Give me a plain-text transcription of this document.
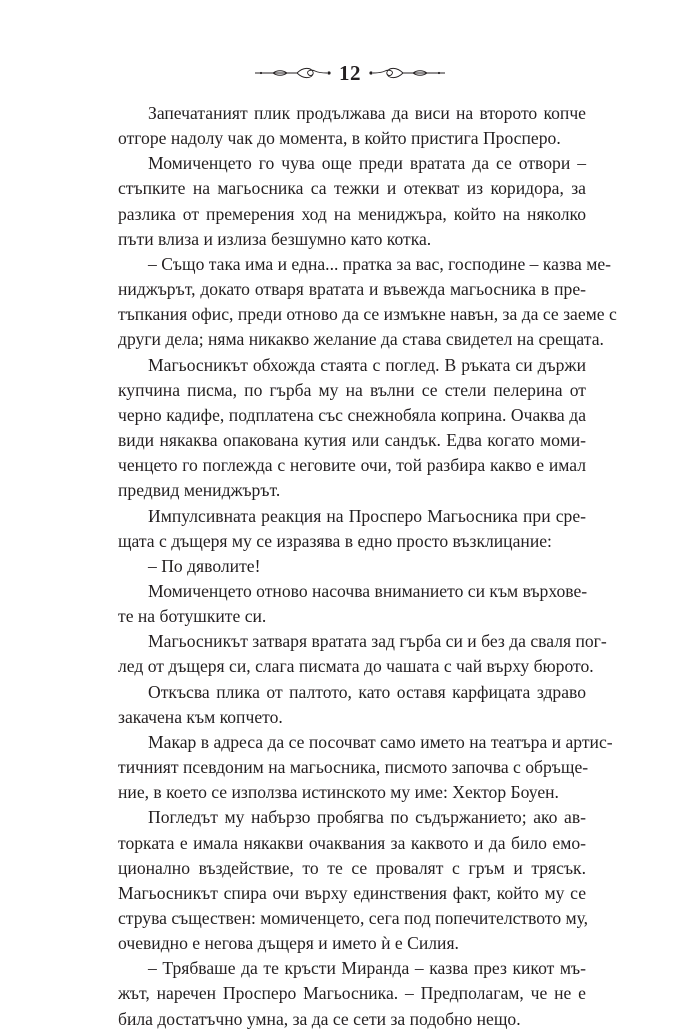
12

Запечатаният плик продължава да виси на второто копче
отгоре надолу чак до момента, в който пристига Просперо.

Момиченцето го чува още преди вратата да се отвори –
стъпките на магьосника са тежки и отекват из коридора, за
разлика от премерения ход на мениджъра, който на няколко
пъти влиза и излиза безшумно като котка.

– Също така има и една... пратка за вас, господине – казва ме-
ниджърът, докато отваря вратата и въвежда магьосника в пре-
тъпкания офис, преди отново да се измъкне навън, за да се заеме с
други дела; няма никакво желание да става свидетел на срещата.

Магьосникът обхожда стаята с поглед. В ръката си държи
купчина писма, по гърба му на вълни се стели пелерина от
черно кадифе, подплатена със снежнобяла коприна. Очаква да
види някаква опакована кутия или сандък. Едва когато моми-
ченцето го поглежда с неговите очи, той разбира какво е имал
предвид мениджърът.

Импулсивната реакция на Просперо Магьосника при сре-
щата с дъщеря му се изразява в едно просто възклицание:

– По дяволите!

Момиченцето отново насочва вниманието си към върхове-
те на ботушките си.

Магьосникът затваря вратата зад гърба си и без да сваля пог-
лед от дъщеря си, слага писмата до чашата с чай върху бюрото.

Откъсва плика от палтото, като оставя карфицата здраво
закачена към копчето.

Макар в адреса да се посочват само името на театъра и артис-
тичният псевдоним на магьосника, писмото започва с обръще-
ние, в което се използва истинското му име: Хектор Боуен.

Погледът му набързо пробягва по съдържанието; ако ав-
торката е имала някакви очаквания за каквото и да било емо-
ционално въздействие, то те се провалят с гръм и трясък.
Магьосникът спира очи върху единствения факт, който му се
струва съществен: момиченцето, сега под попечителството му,
очевидно е негова дъщеря и името ѝ е Силия.

– Трябваше да те кръсти Миранда – казва през кикот мъ-
жът, наречен Просперо Магьосника. – Предполагам, че не е
била достатъчно умна, за да се сети за подобно нещо.
